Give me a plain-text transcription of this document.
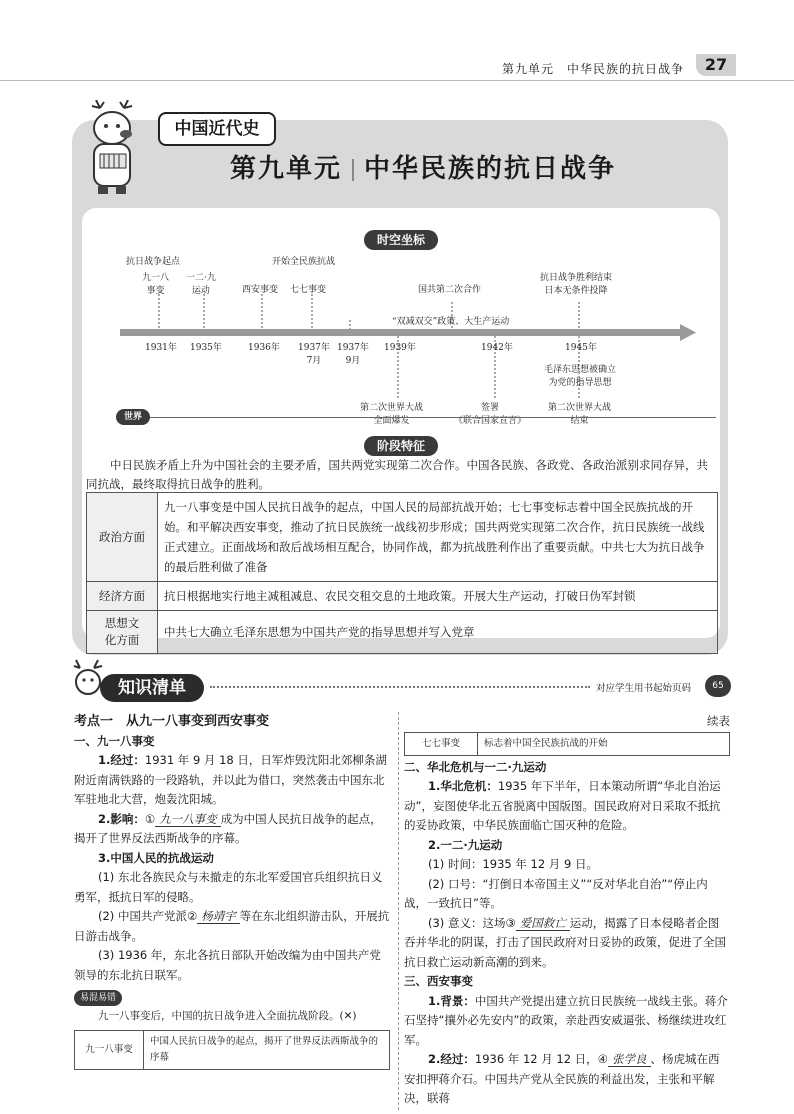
第九单元　中华民族的抗日战争	27
中国近代史
第九单元 中华民族的抗日战争
时空坐标
抗日战争起点	开始全民族抗战
九一八
事变
一二·九
运动	西安事变 七七事变	国共第二次合作
“双减双交”政策、大生产运动
抗日战争胜利结束
日本无条件投降
1931年 1935年	1936年 1937年
7月
1937年
9月
1939年	1942年	1945年
毛泽东思想被确立
为党的指导思想
第二次世界大战
全面爆发
签署
《联合国家宣言》
第二次世界大战
结束
世界
阶段特征
中日民族矛盾上升为中国社会的主要矛盾，国共两党实现第二次合作。中国各民族、各政党、各政治派别求同存异，共同抗战，最终取得抗日战争的胜利。
政治方面	九一八事变是中国人民抗日战争的起点，中国人民的局部抗战开始；七七事变标志着中国全民族抗战的开始。和平解决西安事变，推动了抗日民族统一战线初步形成；国共两党实现第二次合作，抗日民族统一战线正式建立。正面战场和敌后战场相互配合，协同作战，都为抗战胜利作出了重要贡献。中共七大为抗日战争的最后胜利做了准备
经济方面	抗日根据地实行地主减租减息、农民交租交息的土地政策。开展大生产运动，打破日伪军封锁
思想文
化方面	中共七大确立毛泽东思想为中国共产党的指导思想并写入党章
知识清单	对应学生用书起始页码	65

考点一　从九一八事变到西安事变

一、九一八事变

1.经过：1931 年 9 月 18 日，日军炸毁沈阳北郊柳条湖附近南满铁路的一段路轨，并以此为借口，突然袭击中国东北军驻地北大营，炮轰沈阳城。

2.影响：① 九一八事变 成为中国人民抗日战争的起点，揭开了世界反法西斯战争的序幕。

3.中国人民的抗战运动

(1) 东北各族民众与未撤走的东北军爱国官兵组织抗日义勇军，抵抗日军的侵略。

(2) 中国共产党派② 杨靖宇 等在东北组织游击队，开展抗日游击战争。

(3) 1936 年，东北各抗日部队开始改编为由中国共产党领导的东北抗日联军。

易混易错

九一八事变后，中国的抗日战争进入全面抗战阶段。(✕)

九一八事变	中国人民抗日战争的起点，揭开了世界反法西斯战争的序幕

续表

七七事变	标志着中国全民族抗战的开始

二、华北危机与一二·九运动

1.华北危机：1935 年下半年，日本策动所谓“华北自治运动”，妄图使华北五省脱离中国版图。国民政府对日采取不抵抗的妥协政策，中华民族面临亡国灭种的危险。

2.一二·九运动

(1) 时间：1935 年 12 月 9 日。

(2) 口号：“打倒日本帝国主义”“反对华北自治”“停止内战，一致抗日”等。

(3) 意义：这场③ 爱国救亡 运动，揭露了日本侵略者企图吞并华北的阴谋，打击了国民政府对日妥协的政策，促进了全国抗日救亡运动新高潮的到来。

三、西安事变

1.背景：中国共产党提出建立抗日民族统一战线主张。蒋介石坚持“攘外必先安内”的政策，亲赴西安威逼张、杨继续进攻红军。

2.经过：1936 年 12 月 12 日，④ 张学良 、杨虎城在西安扣押蒋介石。中国共产党从全民族的利益出发，主张和平解决，联蒋
